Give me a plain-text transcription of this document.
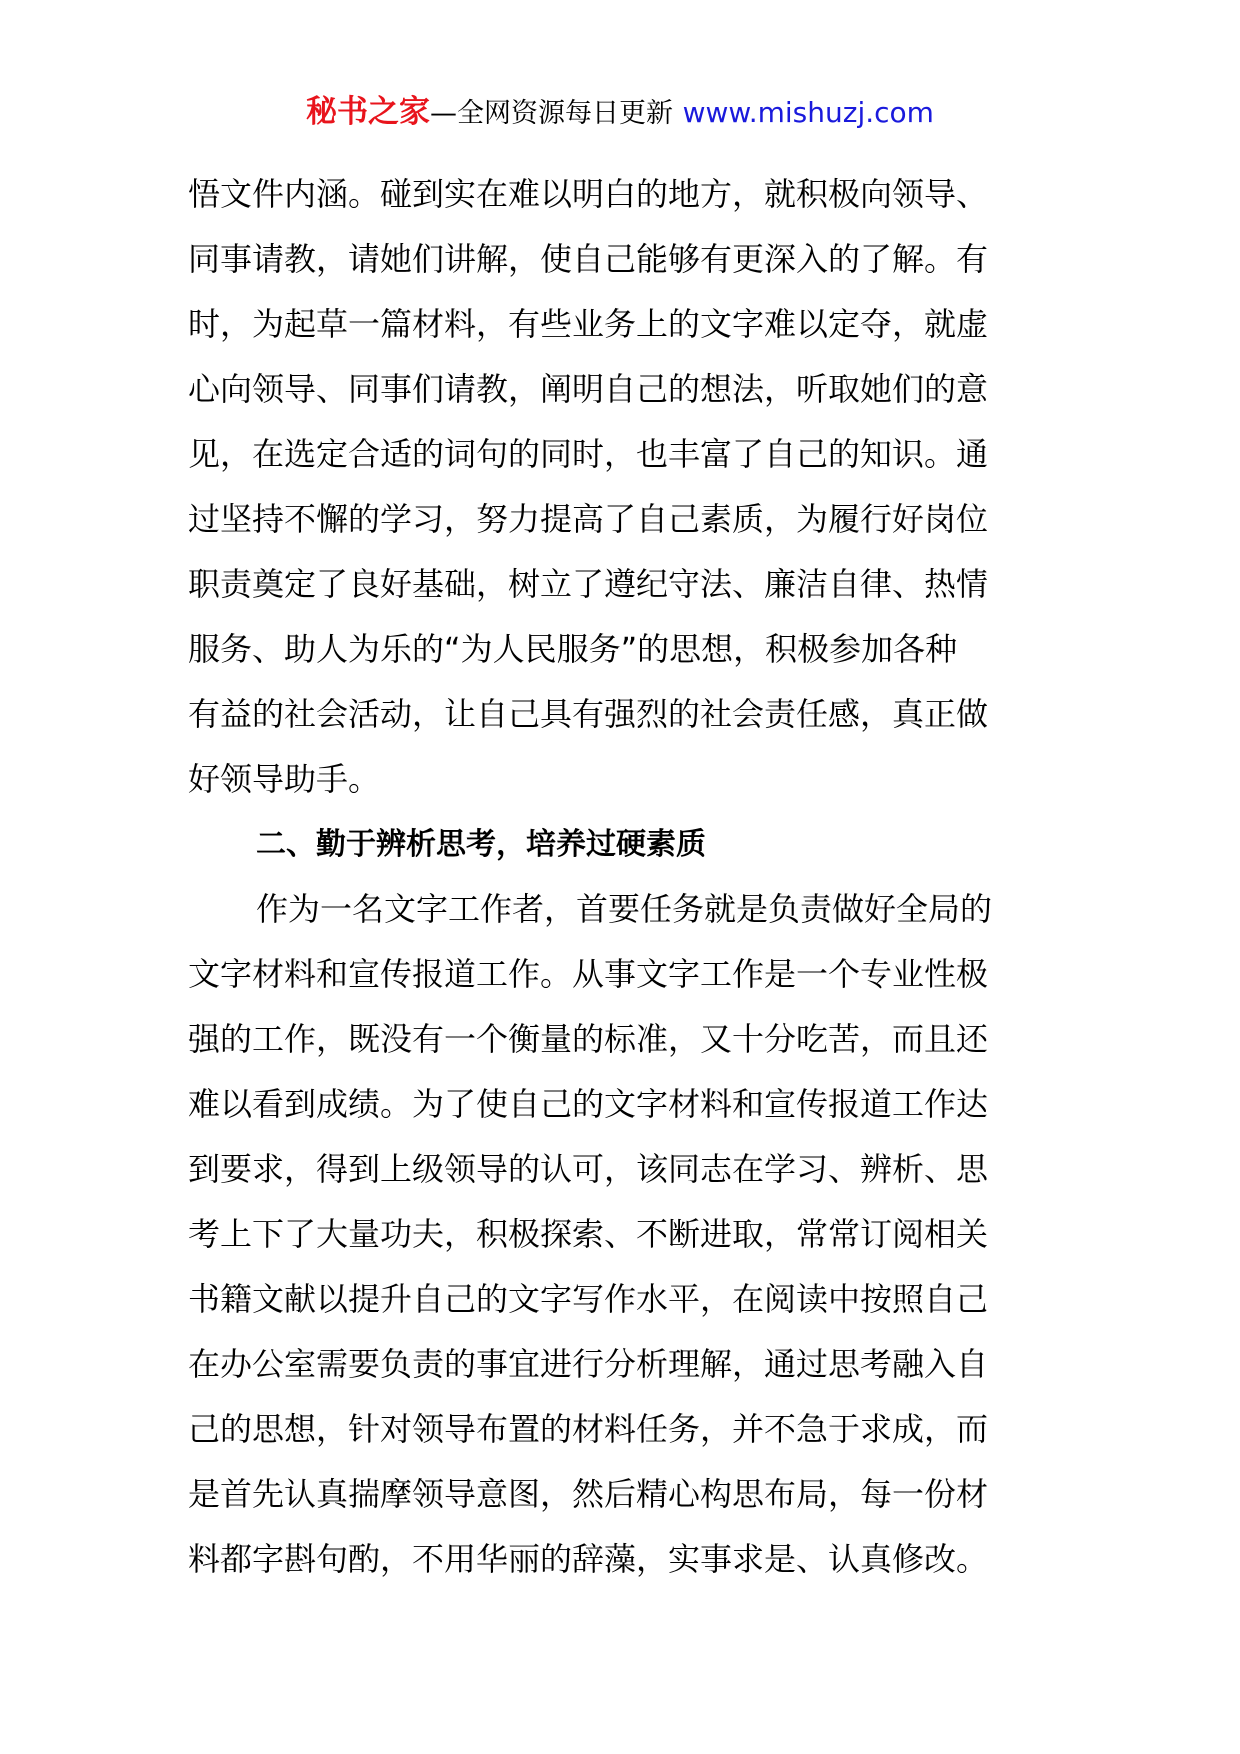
秘书之家—全网资源每日更新 www.mishuzj.com
悟文件内涵。碰到实在难以明白的地方，就积极向领导、
同事请教，请她们讲解，使自己能够有更深入的了解。有
时，为起草一篇材料，有些业务上的文字难以定夺，就虚
心向领导、同事们请教，阐明自己的想法，听取她们的意
见，在选定合适的词句的同时，也丰富了自己的知识。通
过坚持不懈的学习，努力提高了自己素质，为履行好岗位
职责奠定了良好基础，树立了遵纪守法、廉洁自律、热情
服务、助人为乐的“为人民服务”的思想，积极参加各种
有益的社会活动，让自己具有强烈的社会责任感，真正做
好领导助手。
二、勤于辨析思考，培养过硬素质
作为一名文字工作者，首要任务就是负责做好全局的
文字材料和宣传报道工作。从事文字工作是一个专业性极
强的工作，既没有一个衡量的标准，又十分吃苦，而且还
难以看到成绩。为了使自己的文字材料和宣传报道工作达
到要求，得到上级领导的认可，该同志在学习、辨析、思
考上下了大量功夫，积极探索、不断进取，常常订阅相关
书籍文献以提升自己的文字写作水平，在阅读中按照自己
在办公室需要负责的事宜进行分析理解，通过思考融入自
己的思想，针对领导布置的材料任务，并不急于求成，而
是首先认真揣摩领导意图，然后精心构思布局，每一份材
料都字斟句酌，不用华丽的辞藻，实事求是、认真修改。
